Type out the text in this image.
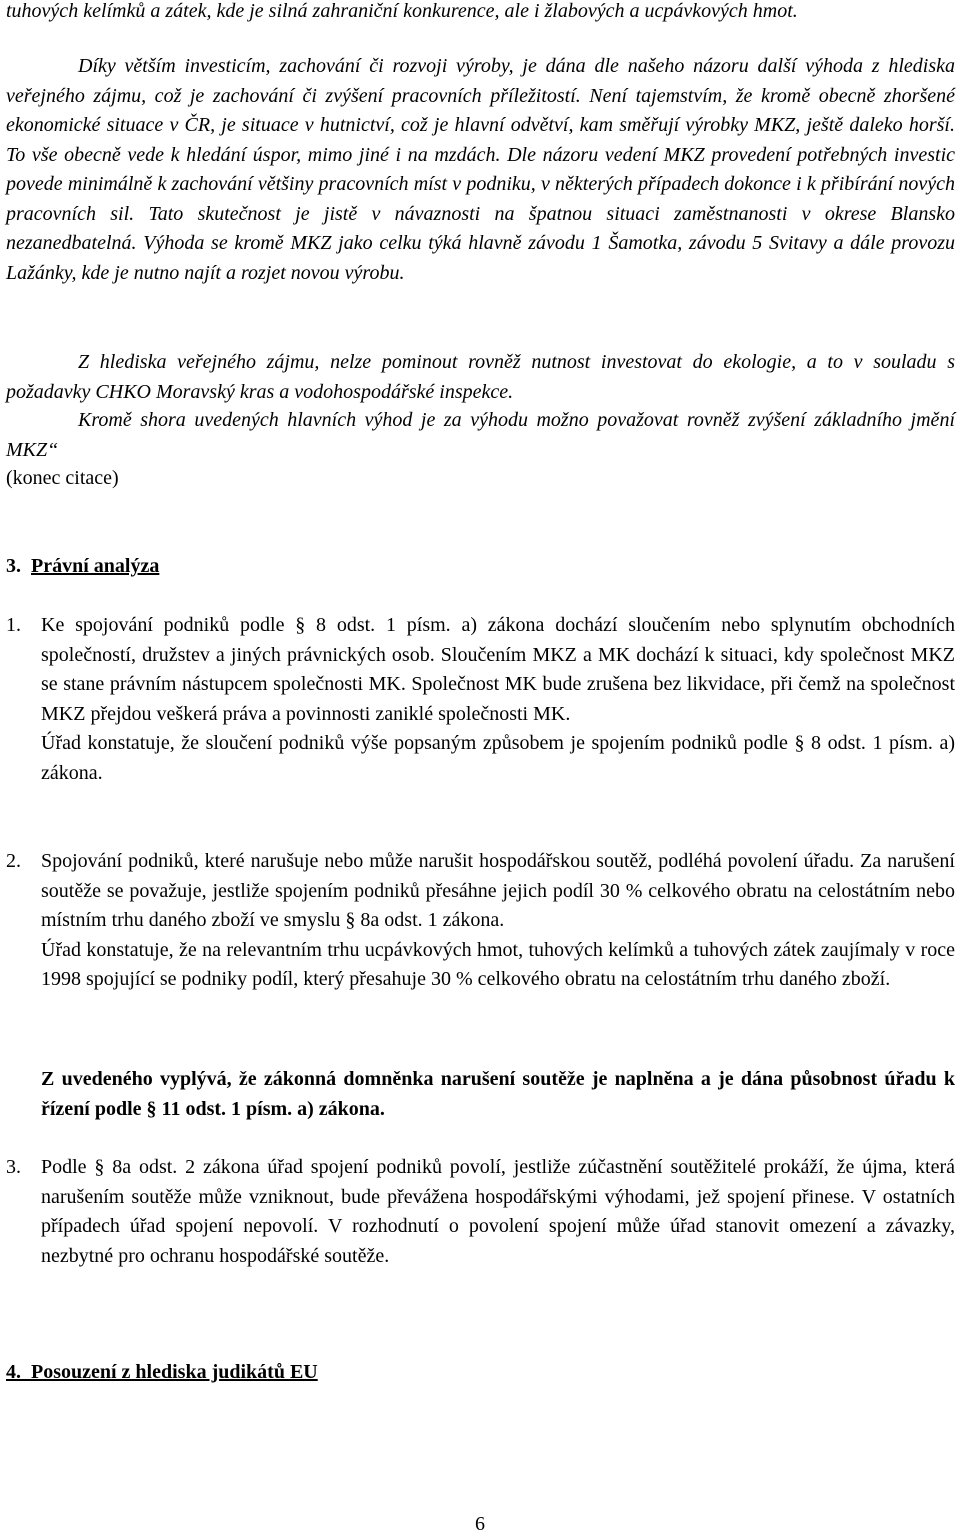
tuhových kelímků a zátek, kde je silná zahraniční konkurence, ale i žlabových a ucpávkových hmot.
Díky větším investicím, zachování či rozvoji výroby, je dána dle našeho názoru další výhoda z hlediska veřejného zájmu, což je zachování či zvýšení pracovních příležitostí. Není tajemstvím, že kromě obecně zhoršené ekonomické situace v ČR, je situace v hutnictví, což je hlavní odvětví, kam směřují výrobky MKZ, ještě daleko horší. To vše obecně vede k hledání úspor, mimo jiné i na mzdách. Dle názoru vedení MKZ provedení potřebných investic povede minimálně k zachování většiny pracovních míst v podniku, v některých případech dokonce i k přibírání nových pracovních sil. Tato skutečnost je jistě v návaznosti na špatnou situaci zaměstnanosti v okrese Blansko nezanedbatelná. Výhoda se kromě MKZ jako celku týká hlavně závodu 1 Šamotka, závodu 5 Svitavy a dále provozu Lažánky, kde je nutno najít a rozjet novou výrobu.
Z hlediska veřejného zájmu, nelze pominout rovněž nutnost investovat do ekologie, a to v souladu s požadavky CHKO Moravský kras a vodohospodářské inspekce.
Kromě shora uvedených hlavních výhod je za výhodu možno považovat rovněž zvýšení základního jmění MKZ“
(konec citace)
3. Právní analýza
1. Ke spojování podniků podle § 8 odst. 1 písm. a) zákona dochází sloučením nebo splynutím obchodních společností, družstev a jiných právnických osob. Sloučením MKZ a MK dochází k situaci, kdy společnost MKZ se stane právním nástupcem společnosti MK. Společnost MK bude zrušena bez likvidace, při čemž na společnost MKZ přejdou veškerá práva a povinnosti zaniklé společnosti MK.
Úřad konstatuje, že sloučení podniků výše popsaným způsobem je spojením podniků podle § 8 odst. 1 písm. a) zákona.
2. Spojování podniků, které narušuje nebo může narušit hospodářskou soutěž, podléhá povolení úřadu. Za narušení soutěže se považuje, jestliže spojením podniků přesáhne jejich podíl 30 % celkového obratu na celostátním nebo místním trhu daného zboží ve smyslu § 8a odst. 1 zákona.
Úřad konstatuje, že na relevantním trhu ucpávkových hmot, tuhových kelímků a tuhových zátek zaujímaly v roce 1998 spojující se podniky podíl, který přesahuje 30 % celkového obratu na celostátním trhu daného zboží.
Z uvedeného vyplývá, že zákonná domněnka narušení soutěže je naplněna a je dána působnost úřadu k řízení podle § 11 odst. 1 písm. a) zákona.
3. Podle § 8a odst. 2 zákona úřad spojení podniků povolí, jestliže zúčastnění soutěžitelé prokáží, že újma, která narušením soutěže může vzniknout, bude převážena hospodářskými výhodami, jež spojení přinese. V ostatních případech úřad spojení nepovolí. V rozhodnutí o povolení spojení může úřad stanovit omezení a závazky, nezbytné pro ochranu hospodářské soutěže.
4. Posouzení z hlediska judikátů EU
6
